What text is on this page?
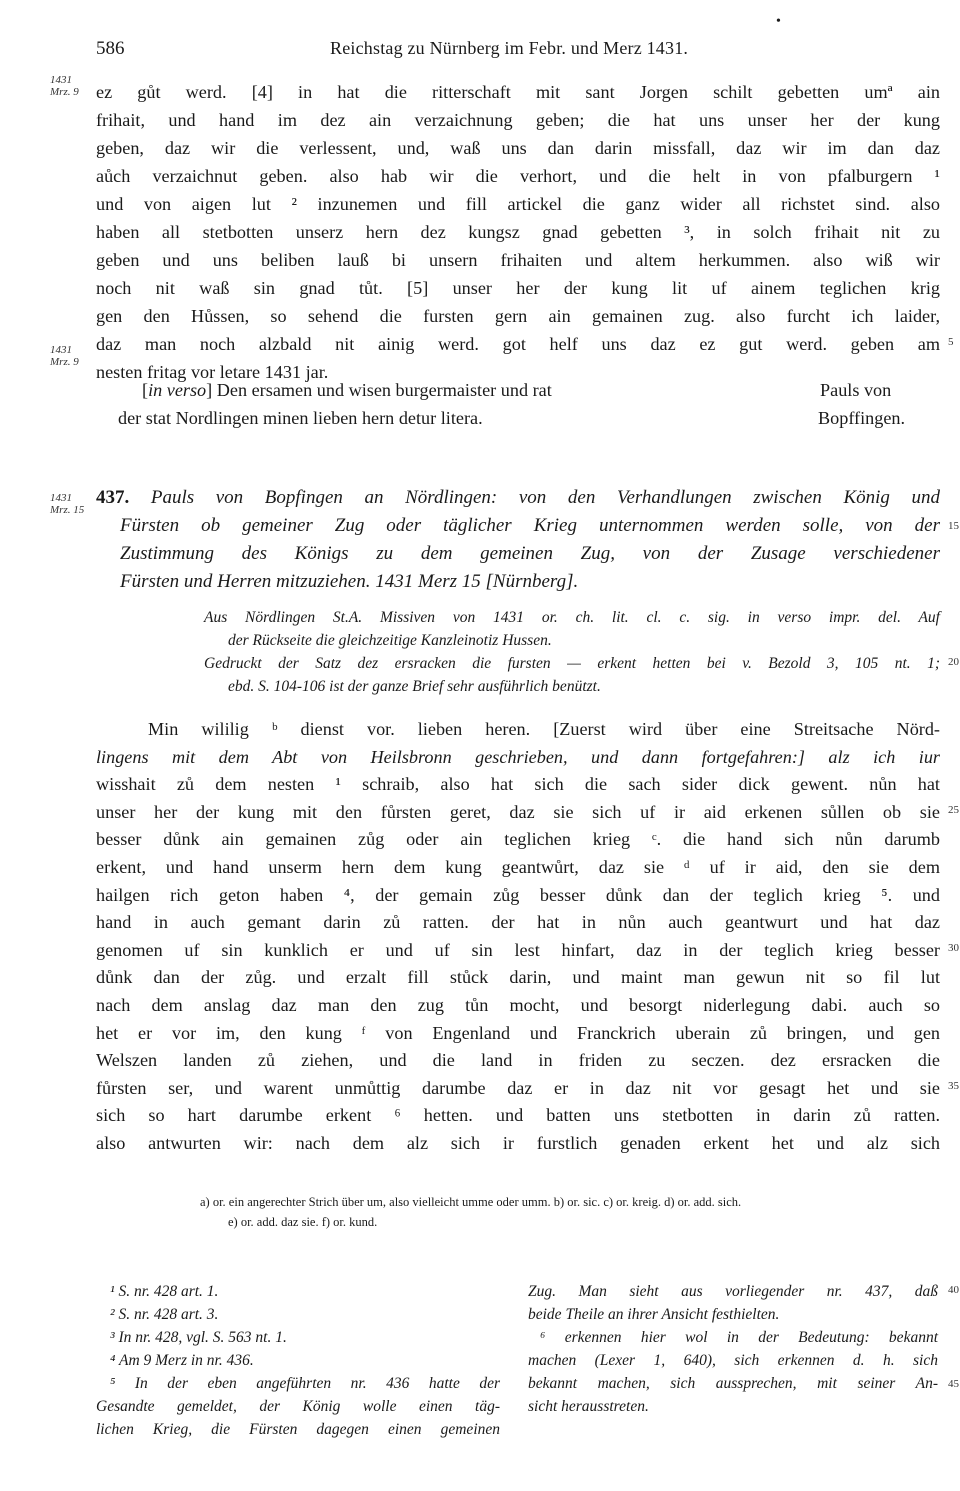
586	Reichstag zu Nürnberg im Febr. und Merz 1431.
•
1431
Mrz. 9 ez gůt werd. [4] in hat die ritterschaft mit sant Jorgen schilt gebetten umª ain
frihait, und hand im dez ain verzaichnung geben; die hat uns unser her der kung
geben, daz wir die verlessent, und, waß uns dan darin missfall, daz wir im dan daz
aůch verzaichnut geben. also hab wir die verhort, und die helt in von pfalburgern ¹
und von aigen lut ² inzunemen und fill artickel die ganz wider all richstet sind. also
haben all stetbotten unserz hern dez kungsz gnad gebetten ³, in solch frihait nit zu
geben und uns beliben lauß bi unsern frihaiten und altem herkummen. also wiß wir
noch nit waß sin gnad tůt. [5] unser her der kung lit uf ainem teglichen krig
gen den Hůssen, so sehend die fursten gern ain gemainen zug. also furcht ich laider,
daz man noch alzbald nit ainig werd. got helf uns daz ez gut werd. geben am 5
1431
Mrz. 9 nesten fritag vor letare 1431 jar.
[in verso] Den ersamen und wisen burgermaister und rat
der stat Nordlingen minen lieben hern detur litera.
Pauls von
Bopffingen.
1431
Mrz. 15
437. Pauls von Bopfingen an Nördlingen: von den Verhandlungen zwischen König und
Fürsten ob gemeiner Zug oder täglicher Krieg unternommen werden solle, von der
Zustimmung des Königs zu dem gemeinen Zug, von der Zusage verschiedener
Fürsten und Herren mitzuziehen. 1431 Merz 15 [Nürnberg].
15
Aus Nördlingen St.A. Missiven von 1431 or. ch. lit. cl. c. sig. in verso impr. del. Auf
der Rückseite die gleichzeitige Kanzleinotiz Hussen.
Gedruckt der Satz dez ersracken die fursten — erkent hetten bei v. Bezold 3, 105 nt. 1; 20
ebd. S. 104-106 ist der ganze Brief sehr ausführlich benützt.
Min wililig ᵇ dienst vor. lieben heren. [Zuerst wird über eine Streitsache Nörd-
lingens mit dem Abt von Heilsbronn geschrieben, und dann fortgefahren:] alz ich iur
wisshait zů dem nesten ¹ schraib, also hat sich die sach sider dick gewent. nůn hat
unser her der kung mit den fůrsten geret, daz sie sich uf ir aid erkenen sůllen ob sie 25
besser důnk ain gemainen zůg oder ain teglichen krieg ᶜ. die hand sich nůn darumb
erkent, und hand unserm hern dem kung geantwůrt, daz sie ᵈ uf ir aid, den sie dem
hailgen rich geton haben ⁴, der gemain zůg besser důnk dan der teglich krieg ⁵. und
hand in auch gemant darin zů ratten. der hat in nůn auch geantwurt und hat daz
genomen uf sin kunklich er und uf sin lest hinfart, daz in der teglich krieg besser 30
důnk dan der zůg. und erzalt fill stůck darin, und maint man gewun nit so fil lut
nach dem anslag daz man den zug tůn mocht, und besorgt niderlegung dabi. auch so
het er vor im, den kung ᶠ von Engenland und Franckrich uberain zů bringen, und gen
Welszen landen zů ziehen, und die land in friden zu seczen. dez ersracken die
fůrsten ser, und warent unmůttig darumbe daz er in daz nit vor gesagt het und sie 35
sich so hart darumbe erkent ⁶ hetten. und batten uns stetbotten in darin zů ratten.
also antwurten wir: nach dem alz sich ir furstlich genaden erkent het und alz sich
a) or. ein angerechter Strich über um, also vielleicht umme oder umm. b) or. sic. c) or. kreig. d) or. add. sich.
e) or. add. daz sie. f) or. kund.
¹ S. nr. 428 art. 1.
² S. nr. 428 art. 3.
³ In nr. 428, vgl. S. 563 nt. 1.
⁴ Am 9 Merz in nr. 436.
⁵ In der eben angeführten nr. 436 hatte der
Gesandte gemeldet, der König wolle einen täg-
lichen Krieg, die Fürsten dagegen einen gemeinen
Zug. Man sieht aus vorliegender nr. 437, daß 40
beide Theile an ihrer Ansicht festhielten.
⁶ erkennen hier wol in der Bedeutung: bekannt
machen (Lexer 1, 640), sich erkennen d. h. sich
bekannt machen, sich aussprechen, mit seiner An- 45
sicht herausstreten.
